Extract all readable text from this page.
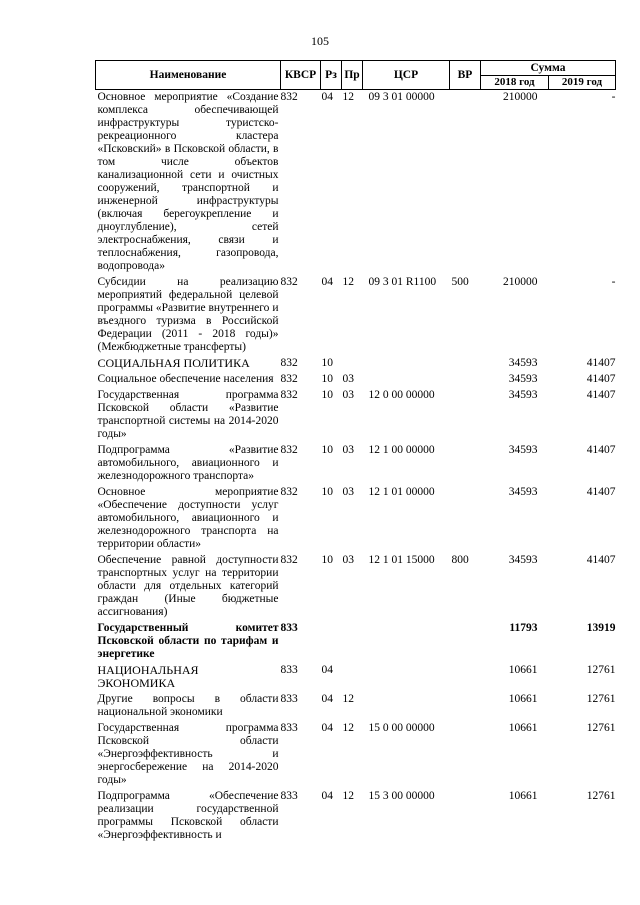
105
Наименование	КВСР	Рз	Пр	ЦСР	ВР	Сумма	
						2018 год	2019 год
Основное мероприятие «Создание комплекса обеспечивающей инфраструктуры туристско-рекреационного кластера «Псковский» в Псковской области, в том числе объектов канализационной сети и очистных сооружений, транспортной и инженерной инфраструктуры (включая берегоукрепление и дноуглубление), сетей электроснабжения, связи и теплоснабжения, газопровода, водопровода»	832	04	12	09 3 01 00000		210000	-
Субсидии на реализацию мероприятий федеральной целевой программы «Развитие внутреннего и въездного туризма в Российской Федерации (2011 - 2018 годы)» (Межбюджетные трансферты)	832	04	12	09 3 01 R1100	500	210000	-
СОЦИАЛЬНАЯ ПОЛИТИКА	832	10				34593	41407
Социальное обеспечение населения	832	10	03			34593	41407
Государственная программа Псковской области «Развитие транспортной системы на 2014-2020 годы»	832	10	03	12 0 00 00000		34593	41407
Подпрограмма «Развитие автомобильного, авиационного и железнодорожного транспорта»	832	10	03	12 1 00 00000		34593	41407
Основное мероприятие «Обеспечение доступности услуг автомобильного, авиационного и железнодорожного транспорта на территории области»	832	10	03	12 1 01 00000		34593	41407
Обеспечение равной доступности транспортных услуг на территории области для отдельных категорий граждан (Иные бюджетные ассигнования)	832	10	03	12 1 01 15000	800	34593	41407
Государственный комитет Псковской области по тарифам и энергетике	833					11793	13919
НАЦИОНАЛЬНАЯ ЭКОНОМИКА	833	04				10661	12761
Другие вопросы в области национальной экономики	833	04	12			10661	12761
Государственная программа Псковской области «Энергоэффективность и энергосбережение на 2014-2020 годы»	833	04	12	15 0 00 00000		10661	12761
Подпрограмма «Обеспечение реализации государственной программы Псковской области «Энергоэффективность и	833	04	12	15 3 00 00000		10661	12761
